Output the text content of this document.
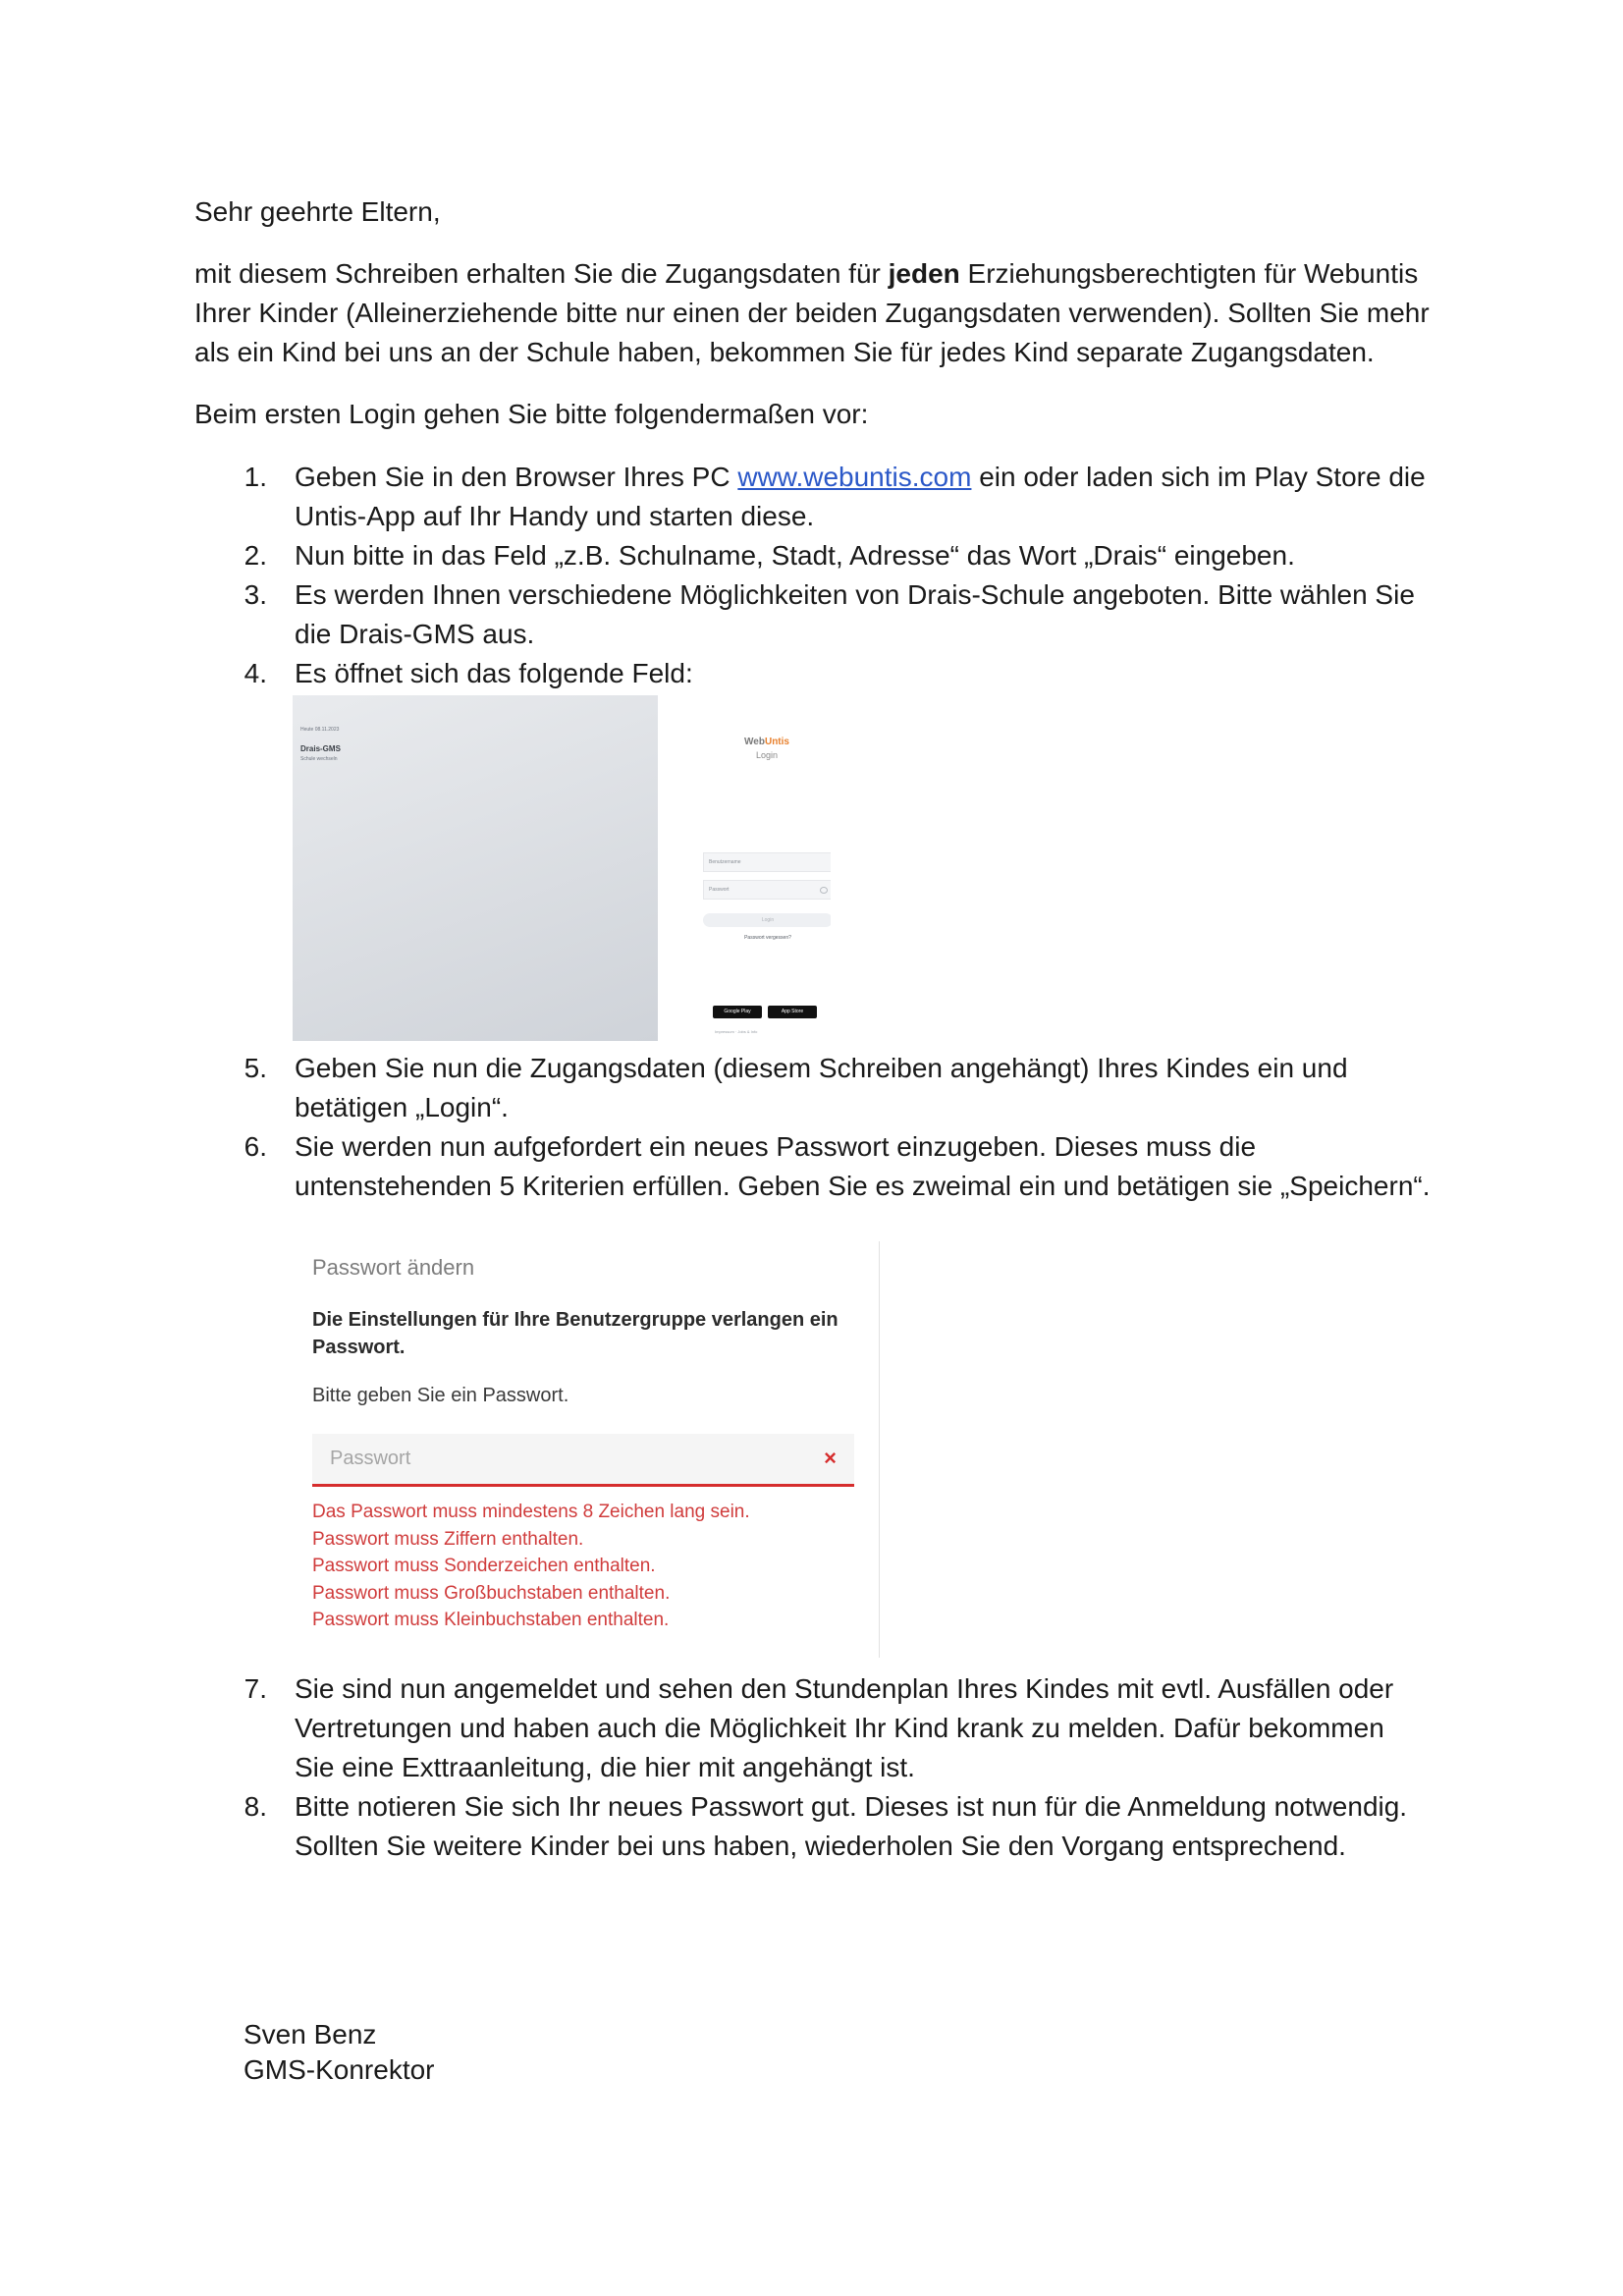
Sehr geehrte Eltern,
mit diesem Schreiben erhalten Sie die Zugangsdaten für jeden Erziehungsberechtigten für Webuntis
Ihrer Kinder (Alleinerziehende bitte nur einen der beiden Zugangsdaten verwenden). Sollten Sie mehr
als ein Kind bei uns an der Schule haben, bekommen Sie für jedes Kind separate Zugangsdaten.
Beim ersten Login gehen Sie bitte folgendermaßen vor:
1. Geben Sie in den Browser Ihres PC www.webuntis.com ein oder laden sich im Play Store die
Untis-App auf Ihr Handy und starten diese.
2. Nun bitte in das Feld „z.B. Schulname, Stadt, Adresse“ das Wort „Drais“ eingeben.
3. Es werden Ihnen verschiedene Möglichkeiten von Drais-Schule angeboten. Bitte wählen Sie
die Drais-GMS aus.
4. Es öffnet sich das folgende Feld:
Heute 08.11.2023
Drais-GMS
Schule wechseln
WebUntis
Login
Benutzername
Passwort
Login
Passwort vergessen?
Google Play	App Store
Impressum · Jobs & Info
5. Geben Sie nun die Zugangsdaten (diesem Schreiben angehängt) Ihres Kindes ein und
betätigen „Login“.
6. Sie werden nun aufgefordert ein neues Passwort einzugeben. Dieses muss die
untenstehenden 5 Kriterien erfüllen. Geben Sie es zweimal ein und betätigen sie „Speichern“.
Passwort ändern
Die Einstellungen für Ihre Benutzergruppe verlangen ein Passwort.
Bitte geben Sie ein Passwort.
Passwort	×
Das Passwort muss mindestens 8 Zeichen lang sein.
Passwort muss Ziffern enthalten.
Passwort muss Sonderzeichen enthalten.
Passwort muss Großbuchstaben enthalten.
Passwort muss Kleinbuchstaben enthalten.
7. Sie sind nun angemeldet und sehen den Stundenplan Ihres Kindes mit evtl. Ausfällen oder
Vertretungen und haben auch die Möglichkeit Ihr Kind krank zu melden. Dafür bekommen
Sie eine Exttraanleitung, die hier mit angehängt ist.
8. Bitte notieren Sie sich Ihr neues Passwort gut. Dieses ist nun für die Anmeldung notwendig.
Sollten Sie weitere Kinder bei uns haben, wiederholen Sie den Vorgang entsprechend.
Sven Benz
GMS-Konrektor
